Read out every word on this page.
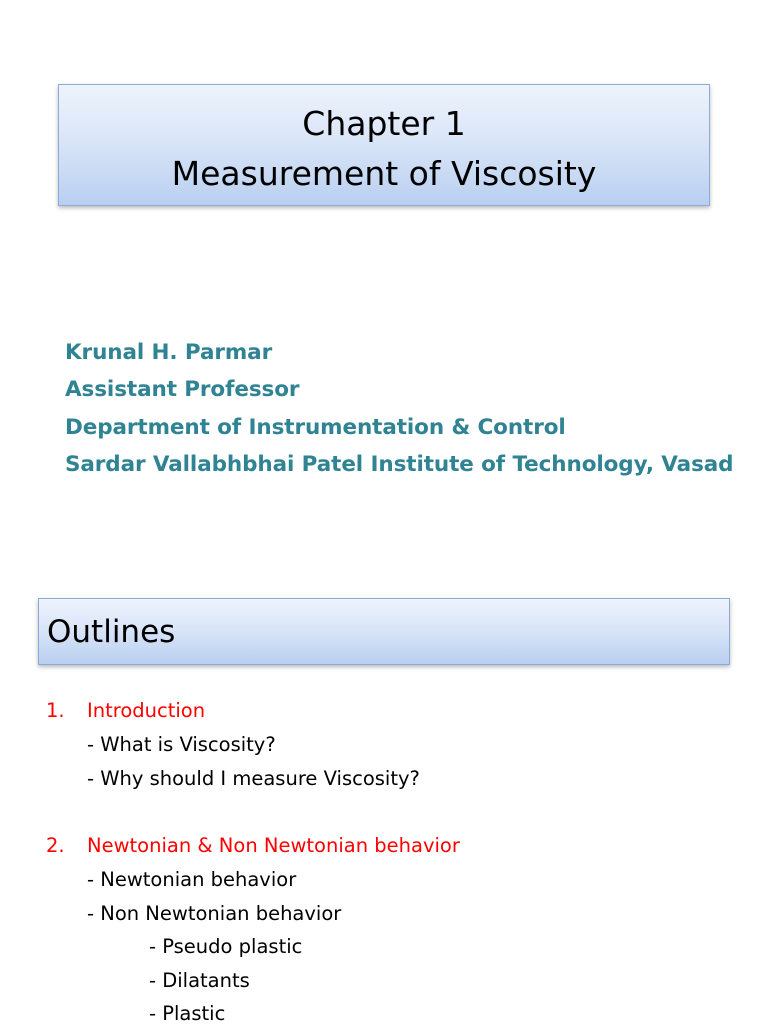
Chapter 1
Measurement of Viscosity
Krunal H. Parmar
Assistant Professor
Department of Instrumentation & Control
Sardar Vallabhbhai Patel Institute of Technology, Vasad
Outlines
1. Introduction
- What is Viscosity?
- Why should I measure Viscosity?
2. Newtonian & Non Newtonian behavior
- Newtonian behavior
- Non Newtonian behavior
- Pseudo plastic
- Dilatants
- Plastic
